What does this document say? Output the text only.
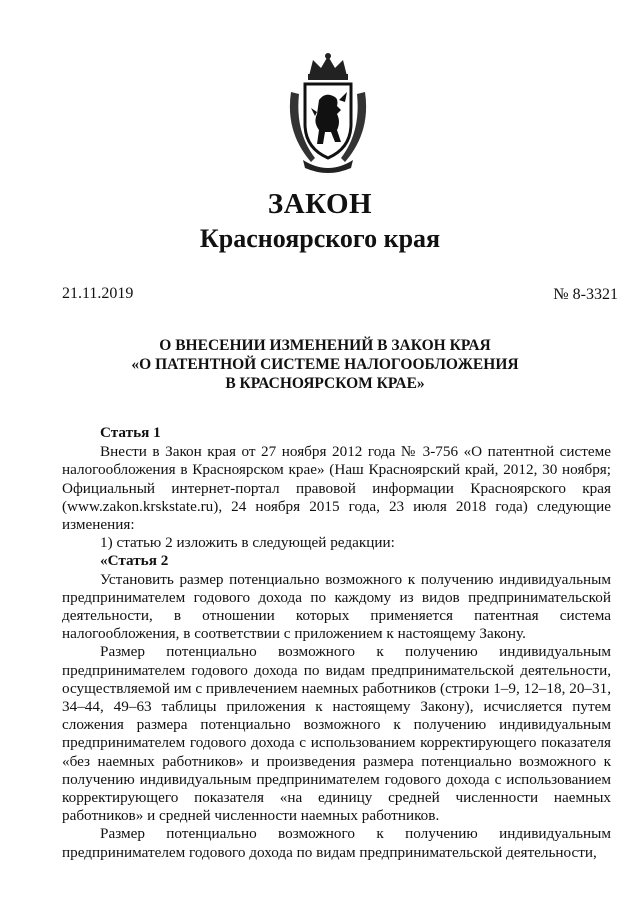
ЗАКОН
Красноярского края
21.11.2019	№ 8-3321
О ВНЕСЕНИИ ИЗМЕНЕНИЙ В ЗАКОН КРАЯ
«О ПАТЕНТНОЙ СИСТЕМЕ НАЛОГООБЛОЖЕНИЯ
В КРАСНОЯРСКОМ КРАЕ»

Статья 1

Внести в Закон края от 27 ноября 2012 года № 3-756 «О патентной системе налогообложения в Красноярском крае» (Наш Красноярский край, 2012, 30 ноября; Официальный интернет-портал правовой информации Красноярского края (www.zakon.krskstate.ru), 24 ноября 2015 года, 23 июля 2018 года) следующие изменения:

1) статью 2 изложить в следующей редакции:

«Статья 2

Установить размер потенциально возможного к получению индивидуальным предпринимателем годового дохода по каждому из видов предпринимательской деятельности, в отношении которых применяется патентная система налогообложения, в соответствии с приложением к настоящему Закону.

Размер потенциально возможного к получению индивидуальным предпринимателем годового дохода по видам предпринимательской деятельности, осуществляемой им с привлечением наемных работников (строки 1–9, 12–18, 20–31, 34–44, 49–63 таблицы приложения к настоящему Закону), исчисляется путем сложения размера потенциально возможного к получению индивидуальным предпринимателем годового дохода с использованием корректирующего показателя «без наемных работников» и произведения размера потенциально возможного к получению индивидуальным предпринимателем годового дохода с использованием корректирующего показателя «на единицу средней численности наемных работников» и средней численности наемных работников.

Размер потенциально возможного к получению индивидуальным предпринимателем годового дохода по видам предпринимательской деятельности,
